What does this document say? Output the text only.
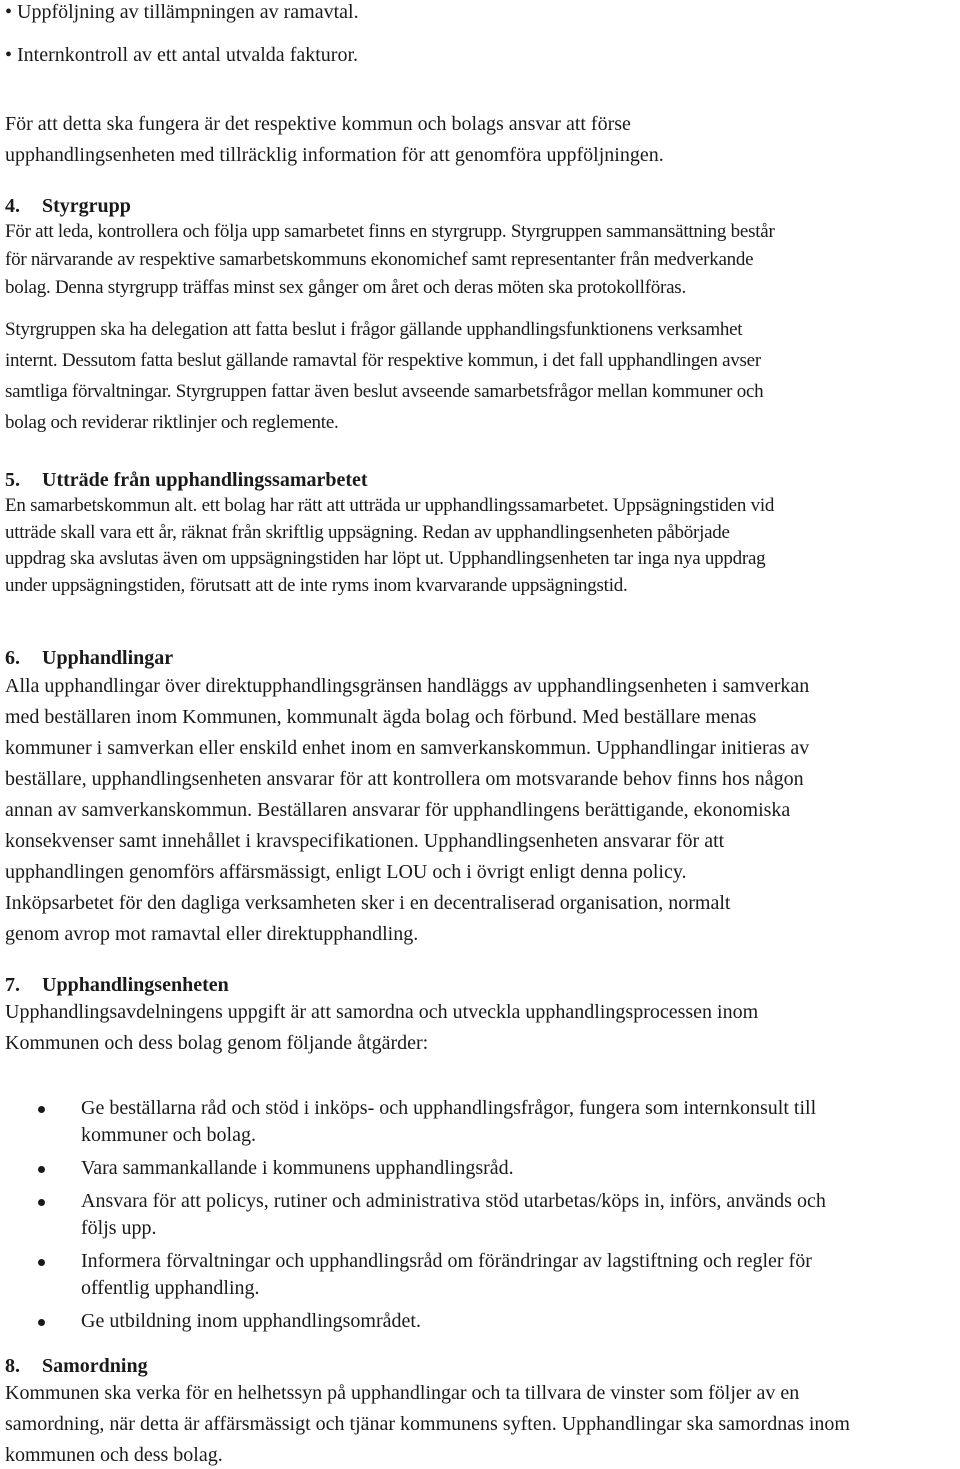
• Uppföljning av tillämpningen av ramavtal.

• Internkontroll av ett antal utvalda fakturor.

För att detta ska fungera är det respektive kommun och bolags ansvar att förse

upphandlingsenheten med tillräcklig information för att genomföra uppföljningen.

4. Styrgrupp

För att leda, kontrollera och följa upp samarbetet finns en styrgrupp. Styrgruppen sammansättning består

för närvarande av respektive samarbetskommuns ekonomichef samt representanter från medverkande

bolag. Denna styrgrupp träffas minst sex gånger om året och deras möten ska protokollföras.

Styrgruppen ska ha delegation att fatta beslut i frågor gällande upphandlingsfunktionens verksamhet

internt. Dessutom fatta beslut gällande ramavtal för respektive kommun, i det fall upphandlingen avser

samtliga förvaltningar. Styrgruppen fattar även beslut avseende samarbetsfrågor mellan kommuner och

bolag och reviderar riktlinjer och reglemente.

5. Utträde från upphandlingssamarbetet

En samarbetskommun alt. ett bolag har rätt att utträda ur upphandlingssamarbetet. Uppsägningstiden vid

utträde skall vara ett år, räknat från skriftlig uppsägning. Redan av upphandlingsenheten påbörjade

uppdrag ska avslutas även om uppsägningstiden har löpt ut. Upphandlingsenheten tar inga nya uppdrag

under uppsägningstiden, förutsatt att de inte ryms inom kvarvarande uppsägningstid.

6. Upphandlingar

Alla upphandlingar över direktupphandlingsgränsen handläggs av upphandlingsenheten i samverkan

med beställaren inom Kommunen, kommunalt ägda bolag och förbund. Med beställare menas

kommuner i samverkan eller enskild enhet inom en samverkanskommun. Upphandlingar initieras av

beställare, upphandlingsenheten ansvarar för att kontrollera om motsvarande behov finns hos någon

annan av samverkanskommun. Beställaren ansvarar för upphandlingens berättigande, ekonomiska

konsekvenser samt innehållet i kravspecifikationen. Upphandlingsenheten ansvarar för att

upphandlingen genomförs affärsmässigt, enligt LOU och i övrigt enligt denna policy.

Inköpsarbetet för den dagliga verksamheten sker i en decentraliserad organisation, normalt

genom avrop mot ramavtal eller direktupphandling.

7. Upphandlingsenheten

Upphandlingsavdelningens uppgift är att samordna och utveckla upphandlingsprocessen inom

Kommunen och dess bolag genom följande åtgärder:

Ge beställarna råd och stöd i inköps- och upphandlingsfrågor, fungera som internkonsult till
kommuner och bolag.
Vara sammankallande i kommunens upphandlingsråd.
Ansvara för att policys, rutiner och administrativa stöd utarbetas/köps in, införs, används och
följs upp.
Informera förvaltningar och upphandlingsråd om förändringar av lagstiftning och regler för
offentlig upphandling.
Ge utbildning inom upphandlingsområdet.

8. Samordning

Kommunen ska verka för en helhetssyn på upphandlingar och ta tillvara de vinster som följer av en

samordning, när detta är affärsmässigt och tjänar kommunens syften. Upphandlingar ska samordnas inom

kommunen och dess bolag.
